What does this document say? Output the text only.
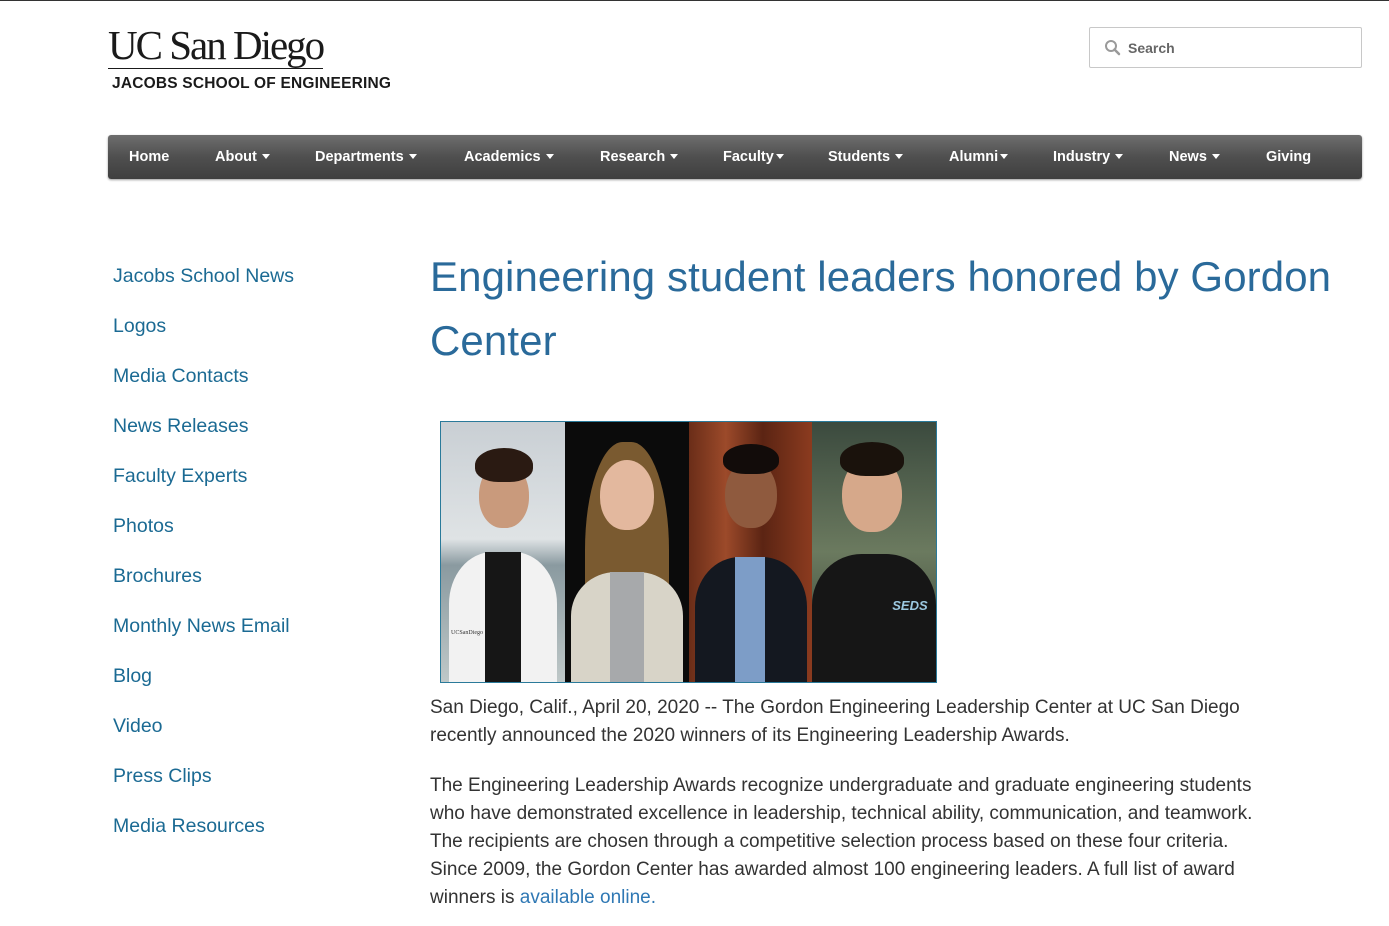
UC San Diego
JACOBS SCHOOL OF ENGINEERING
Search
Home	About	Departments	Academics	Research	Faculty	Students	Alumni	Industry	News	Giving
Jacobs School News
Logos
Media Contacts
News Releases
Faculty Experts
Photos
Brochures
Monthly News Email
Blog
Video
Press Clips
Media Resources
Engineering student leaders honored by Gordon Center
UCSanDiego
SEDS

San Diego, Calif., April 20, 2020 -- The Gordon Engineering Leadership Center at UC San Diego recently announced the 2020 winners of its Engineering Leadership Awards.

The Engineering Leadership Awards recognize undergraduate and graduate engineering students who have demonstrated excellence in leadership, technical ability, communication, and teamwork. The recipients are chosen through a competitive selection process based on these four criteria. Since 2009, the Gordon Center has awarded almost 100 engineering leaders. A full list of award winners is available online.
